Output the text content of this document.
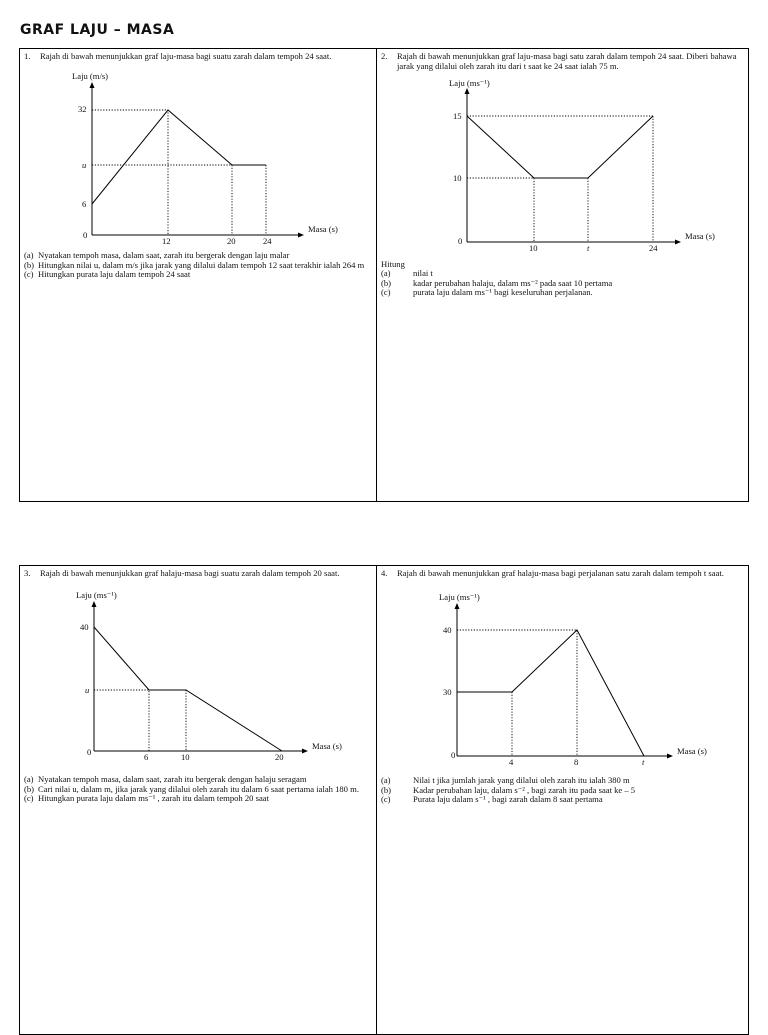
GRAF LAJU – MASA
1.	Rajah di bawah menunjukkan graf laju-masa bagi suatu zarah dalam tempoh 24 saat.
Laju (m/s)
Masa (s)
32
u
6
0
12	20	24
(a) Nyatakan tempoh masa, dalam saat, zarah itu bergerak dengan laju malar
(b) Hitungkan nilai u, dalam m/s jika jarak yang dilalui dalam tempoh 12 saat terakhir ialah 264 m
(c) Hitungkan purata laju dalam tempoh 24 saat
2.	Rajah di bawah menunjukkan graf laju-masa bagi satu zarah dalam tempoh 24 saat. Diberi bahawa jarak yang dilalui oleh zarah itu dari t saat ke 24 saat ialah 75 m.
Laju (ms⁻¹)
Masa (s)
15
10
0
10	t	24
Hitung
(a)	nilai t
(b)	kadar perubahan halaju, dalam ms⁻² pada saat 10 pertama
(c)	purata laju dalam ms⁻¹ bagi keseluruhan perjalanan.
3.	Rajah di bawah menunjukkan graf halaju-masa bagi suatu zarah dalam tempoh 20 saat.
Laju (ms⁻¹)
Masa (s)
40
u
0	6	10	20
(a) Nyatakan tempoh masa, dalam saat, zarah itu bergerak dengan halaju seragam
(b) Cari nilai u, dalam m, jika jarak yang dilalui oleh zarah itu dalam 6 saat pertama ialah 180 m.
(c) Hitungkan purata laju dalam ms⁻¹ , zarah itu dalam tempoh 20 saat
4.	Rajah di bawah menunjukkan graf halaju-masa bagi perjalanan satu zarah dalam tempoh t saat.
Laju (ms⁻¹)
Masa (s)
40
30
0
4	8	t
(a)	Nilai t jika jumlah jarak yang dilalui oleh zarah itu ialah 380 m
(b)	Kadar perubahan laju, dalam s⁻² , bagi zarah itu pada saat ke – 5
(c)	Purata laju dalam s⁻¹ , bagi zarah dalam 8 saat pertama
